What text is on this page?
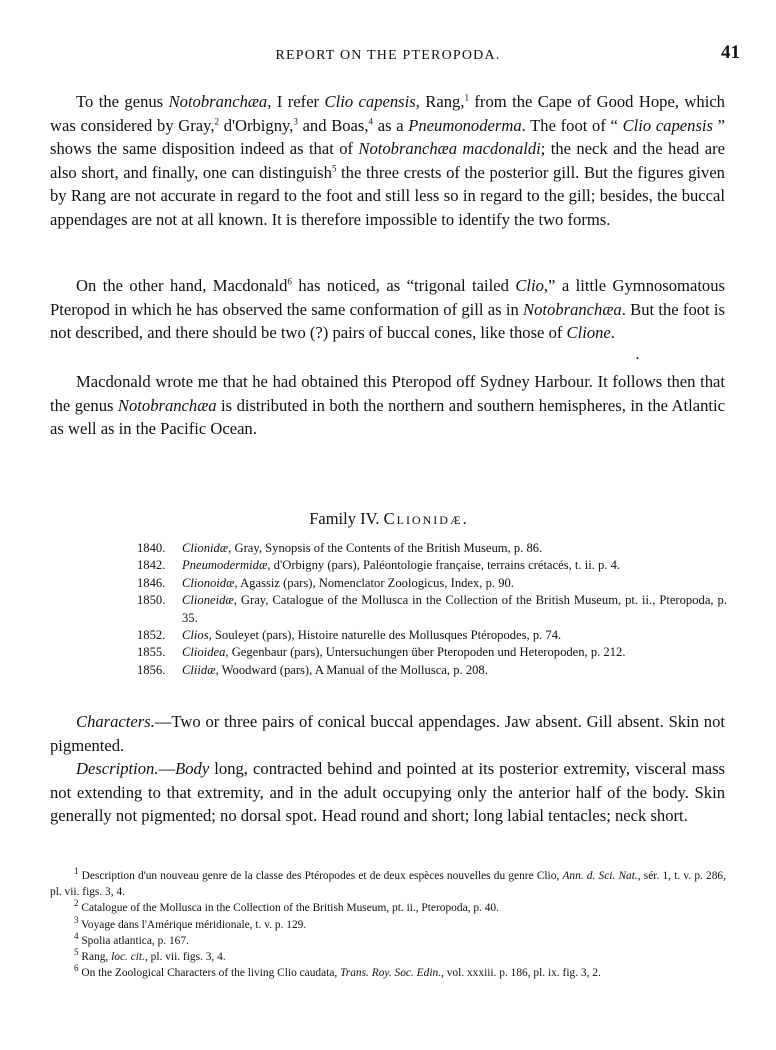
REPORT ON THE PTEROPODA.	41

To the genus Notobranchæa, I refer Clio capensis, Rang,$^1$ from the Cape of Good Hope, which was considered by Gray,$^2$ d'Orbigny,$^3$ and Boas,$^4$ as a Pneumonoderma. The foot of “ Clio capensis ” shows the same disposition indeed as that of Notobranchæa macdonaldi; the neck and the head are also short, and finally, one can distinguish$^5$ the three crests of the posterior gill. But the figures given by Rang are not accurate in regard to the foot and still less so in regard to the gill; besides, the buccal appendages are not at all known. It is therefore impossible to identify the two forms.

On the other hand, Macdonald$^6$ has noticed, as “trigonal tailed Clio,” a little Gymnosomatous Pteropod in which he has observed the same conformation of gill as in Notobranchæa. But the foot is not described, and there should be two (?) pairs of buccal cones, like those of Clione.

•

Macdonald wrote me that he had obtained this Pteropod off Sydney Harbour. It follows then that the genus Notobranchæa is distributed in both the northern and southern hemispheres, in the Atlantic as well as in the Pacific Ocean.

Family IV. Clionidæ.

1840. Clionidæ, Gray, Synopsis of the Contents of the British Museum, p. 86.

1842. Pneumodermidæ, d'Orbigny (pars), Paléontologie française, terrains crétacés, t. ii. p. 4.

1846. Clionoidæ, Agassiz (pars), Nomenclator Zoologicus, Index, p. 90.

1850. Clioneidæ, Gray, Catalogue of the Mollusca in the Collection of the British Museum, pt. ii., Pteropoda, p. 35.

1852. Clios, Souleyet (pars), Histoire naturelle des Mollusques Ptéropodes, p. 74.

1855. Clioidea, Gegenbaur (pars), Untersuchungen über Pteropoden und Heteropoden, p. 212.

1856. Cliidæ, Woodward (pars), A Manual of the Mollusca, p. 208.

Characters.—Two or three pairs of conical buccal appendages. Jaw absent. Gill absent. Skin not pigmented.

Description.—Body long, contracted behind and pointed at its posterior extremity, visceral mass not extending to that extremity, and in the adult occupying only the anterior half of the body. Skin generally not pigmented; no dorsal spot. Head round and short; long labial tentacles; neck short.

$^1$ Description d'un nouveau genre de la classe des Ptéropodes et de deux espèces nouvelles du genre Clio, Ann. d. Sci. Nat., sér. 1, t. v. p. 286, pl. vii. figs. 3, 4.

$^2$ Catalogue of the Mollusca in the Collection of the British Museum, pt. ii., Pteropoda, p. 40.

$^3$ Voyage dans l'Amérique méridionale, t. v. p. 129.

$^4$ Spolia atlantica, p. 167.

$^5$ Rang, loc. cit., pl. vii. figs. 3, 4.

$^6$ On the Zoological Characters of the living Clio caudata, Trans. Roy. Soc. Edin., vol. xxxiii. p. 186, pl. ix. fig. 3, 2.
